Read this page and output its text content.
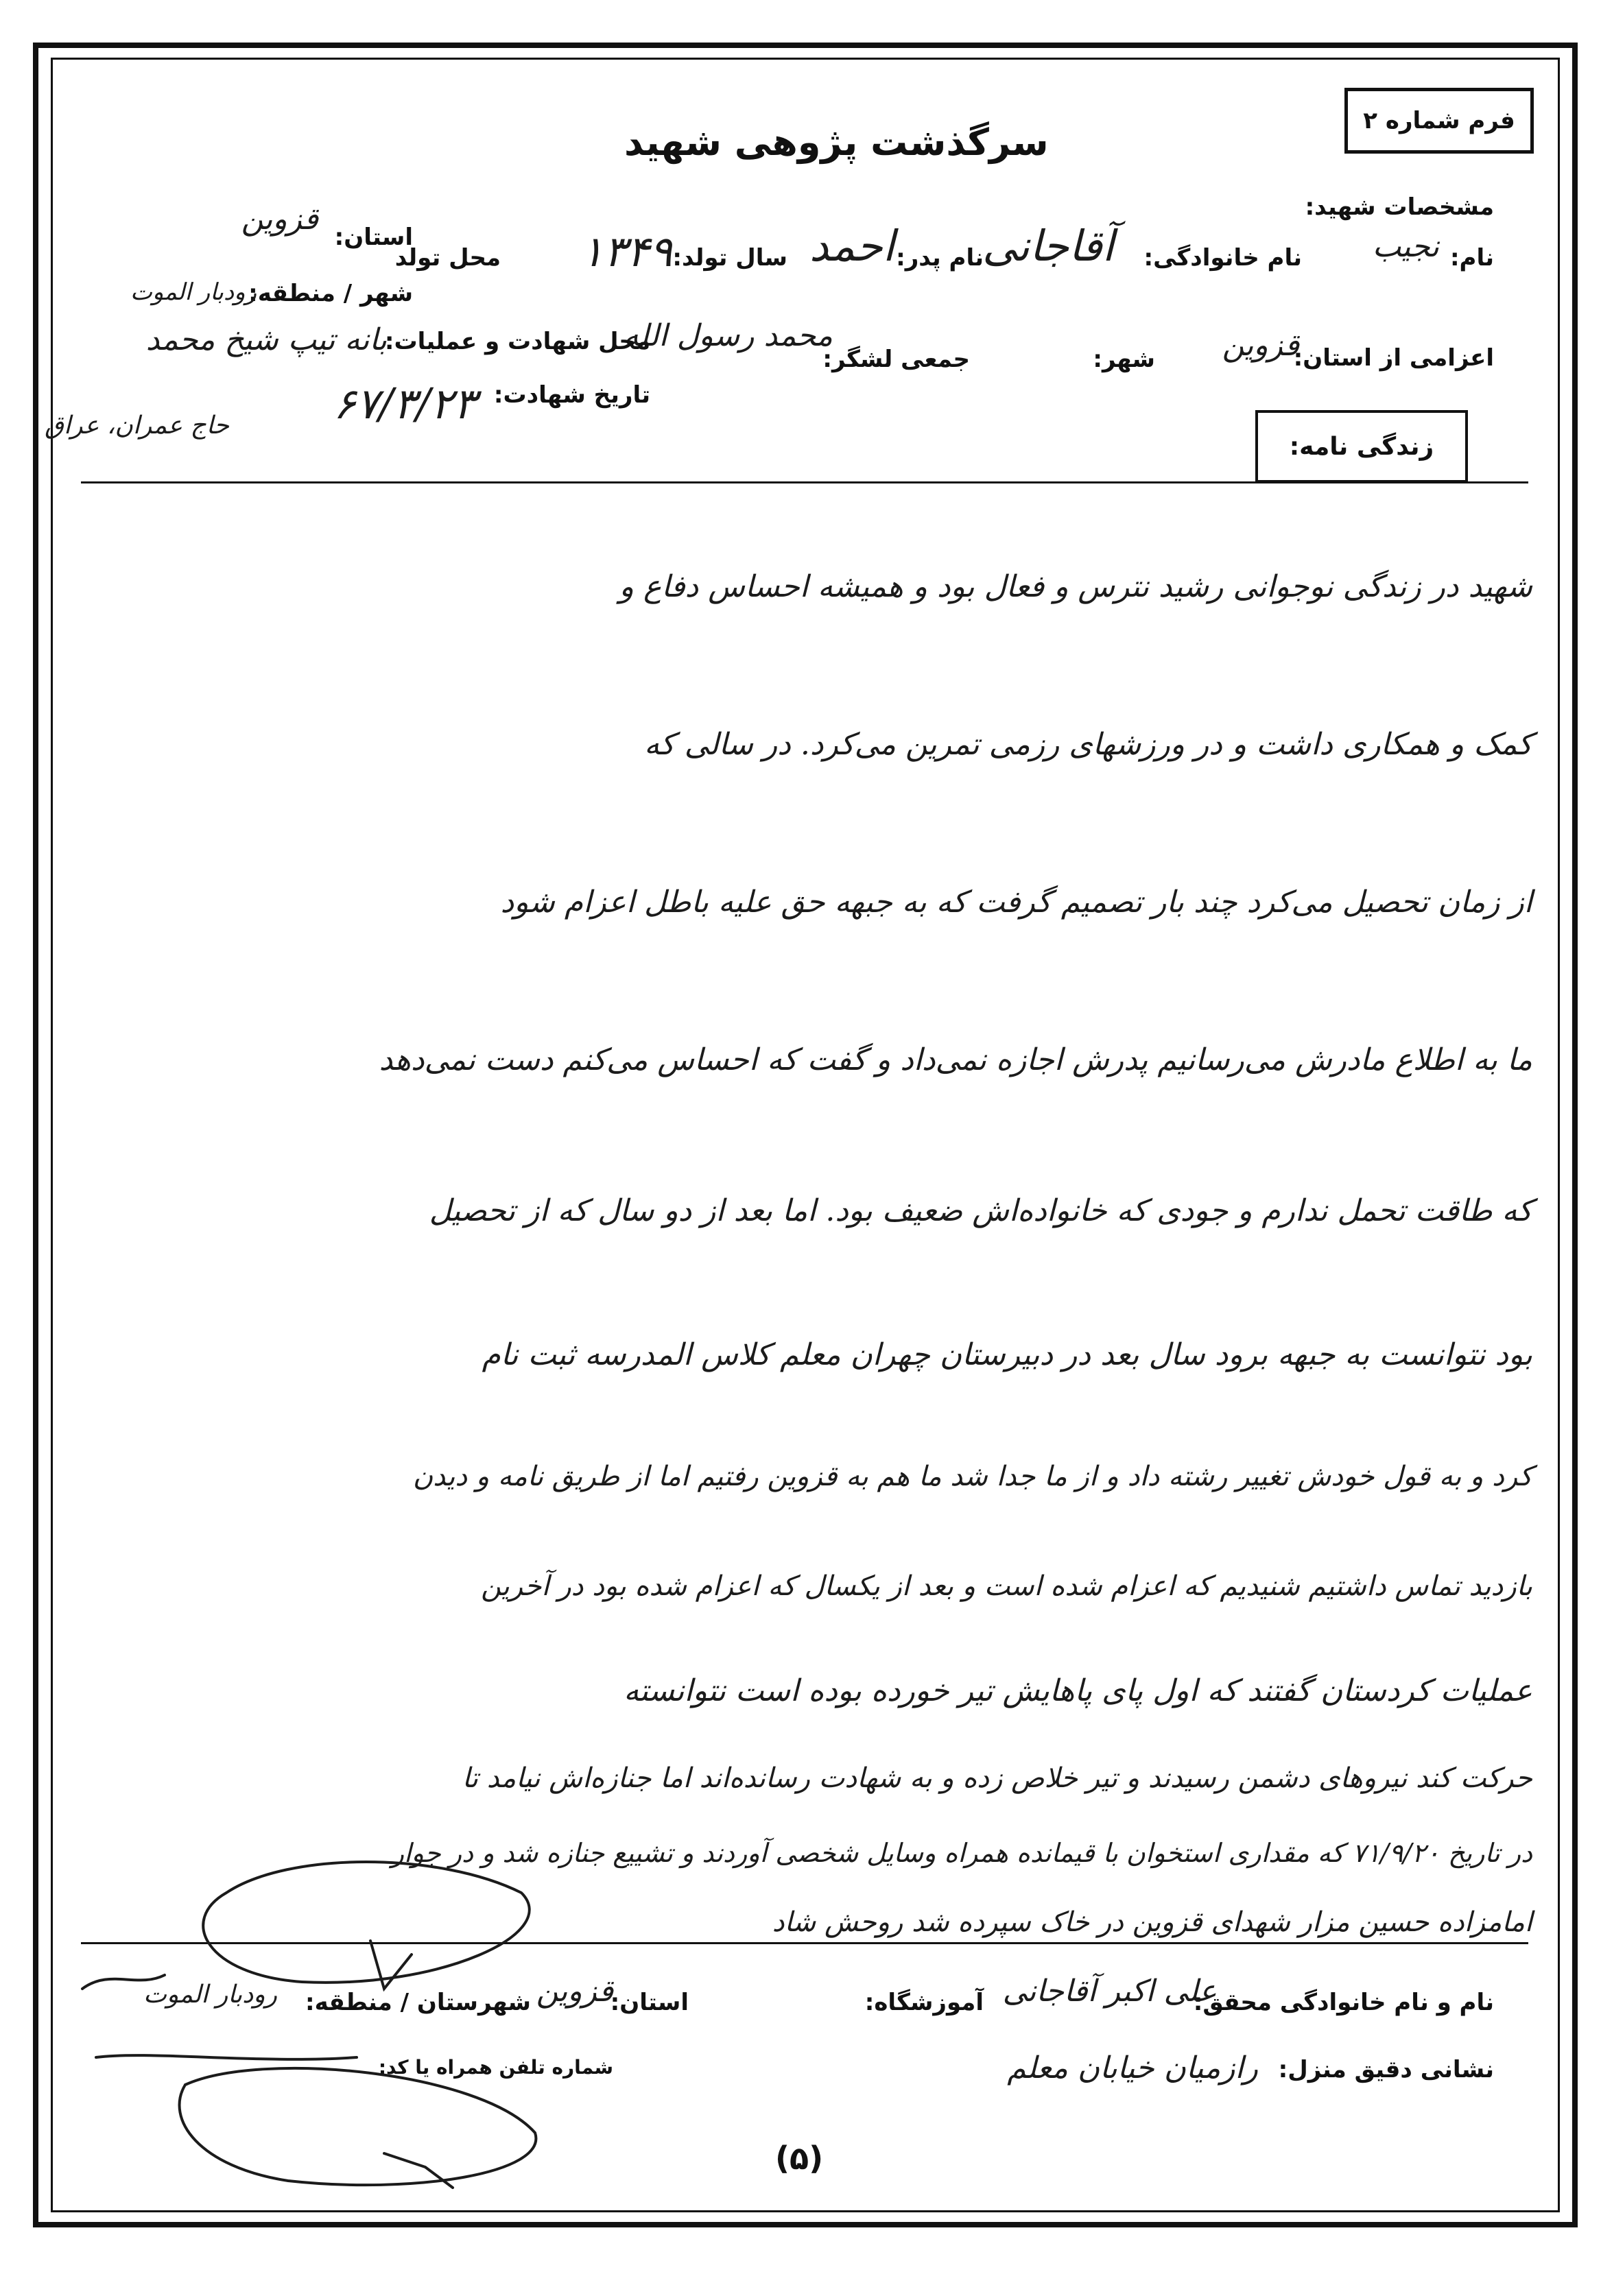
فرم شماره ۲
سرگذشت پژوهی شهید
مشخصات شهید:
نام:
نجیب
نام خانوادگی:
آقاجانی
نام پدر:
احمد
سال تولد:
۱۳۴۹
محل تولد
استان:
قزوین
شهر / منطقه:
رودبار الموت
اعزامی از استان:
قزوین
شهر:
جمعی لشگر:
محمد رسول الله
محل شهادت و عملیات:
بانه تیپ شیخ محمد
حاج عمران، عراق
تاریخ شهادت:
۶۷/۳/۲۳
زندگی نامه:
شهید در زندگی نوجوانی رشید نترس و فعال بود و همیشه احساس دفاع و
کمک و همکاری داشت و در ورزشهای رزمی تمرین می‌کرد. در سالی که
از زمان تحصیل می‌کرد چند بار تصمیم گرفت که به جبهه حق علیه باطل اعزام شود
ما به اطلاع مادرش می‌رسانیم پدرش اجازه نمی‌داد و گفت که احساس می‌کنم دست نمی‌دهد
که طاقت تحمل ندارم و جودی که خانواده‌اش ضعیف بود. اما بعد از دو سال که از تحصیل
بود نتوانست به جبهه برود سال بعد در دبیرستان چهران معلم کلاس المدرسه ثبت نام
کرد و به قول خودش تغییر رشته داد و از ما جدا شد ما هم به قزوین رفتیم اما از طریق نامه و دیدن
بازدید تماس داشتیم شنیدیم که اعزام شده است و بعد از یکسال که اعزام شده بود در آخرین
عملیات کردستان گفتند که اول پای پاهایش تیر خورده بوده است نتوانسته
حرکت کند نیروهای دشمن رسیدند و تیر خلاص زده و به شهادت رسانده‌اند اما جنازه‌اش نیامد تا
در تاریخ ۷۱/۹/۲۰ که مقداری استخوان با قیمانده همراه وسایل شخصی آوردند و تشییع جنازه شد و در جوار
امامزاده حسین مزار شهدای قزوین در خاک سپرده شد روحش شاد
نام و نام خانوادگی محقق:
علی اکبر آقاجانی
آموزشگاه:
استان:
قزوین
شهرستان / منطقه:
رودبار الموت
نشانی دقیق منزل:
رازمیان خیابان معلم
شماره تلفن همراه یا کد:
(۵)
